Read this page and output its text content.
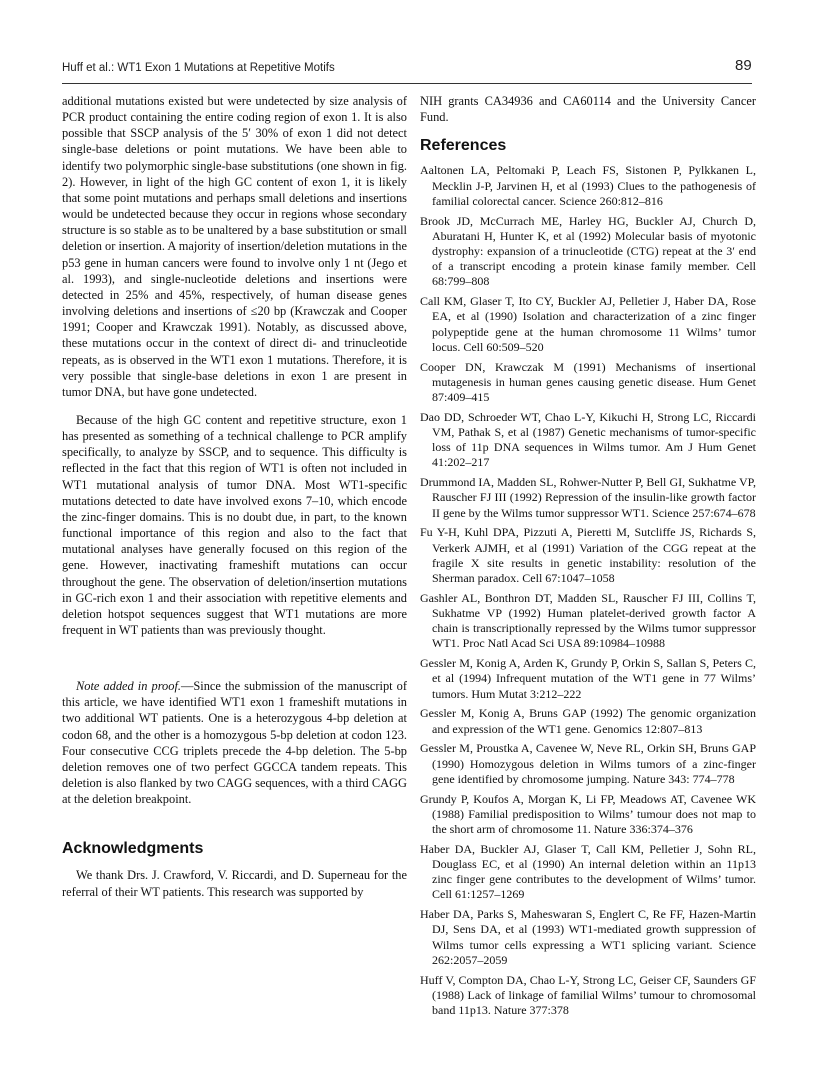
Huff et al.: WT1 Exon 1 Mutations at Repetitive Motifs	89

additional mutations existed but were undetected by size analysis of PCR product containing the entire coding region of exon 1. It is also possible that SSCP analysis of the 5′ 30% of exon 1 did not detect single-base deletions or point mutations. We have been able to identify two polymorphic single-base substitutions (one shown in fig. 2). However, in light of the high GC content of exon 1, it is likely that some point mutations and perhaps small deletions and insertions would be undetected because they occur in regions whose secondary structure is so stable as to be unaltered by a base substitution or small deletion or insertion. A majority of insertion/deletion mutations in the p53 gene in human cancers were found to involve only 1 nt (Jego et al. 1993), and single-nucleotide deletions and insertions were detected in 25% and 45%, respectively, of human disease genes involving deletions and insertions of ≤20 bp (Krawczak and Cooper 1991; Cooper and Krawczak 1991). Notably, as discussed above, these mutations occur in the context of direct di- and trinucleotide repeats, as is observed in the WT1 exon 1 mutations. Therefore, it is very possible that single-base deletions in exon 1 are present in tumor DNA, but have gone undetected.

Because of the high GC content and repetitive structure, exon 1 has presented as something of a technical challenge to PCR amplify specifically, to analyze by SSCP, and to sequence. This difficulty is reflected in the fact that this region of WT1 is often not included in WT1 mutational analysis of tumor DNA. Most WT1-specific mutations detected to date have involved exons 7–10, which encode the zinc-finger domains. This is no doubt due, in part, to the known functional importance of this region and also to the fact that mutational analyses have generally focused on this region of the gene. However, inactivating frameshift mutations can occur throughout the gene. The observation of deletion/insertion mutations in GC-rich exon 1 and their association with repetitive elements and deletion hotspot sequences suggest that WT1 mutations are more frequent in WT patients than was previously thought.

Note added in proof.—Since the submission of the manuscript of this article, we have identified WT1 exon 1 frameshift mutations in two additional WT patients. One is a heterozygous 4-bp deletion at codon 68, and the other is a homozygous 5-bp deletion at codon 123. Four consecutive CCG triplets precede the 4-bp deletion. The 5-bp deletion removes one of two perfect GGCCA tandem repeats. This deletion is also flanked by two CAGG sequences, with a third CAGG at the deletion breakpoint.

Acknowledgments

We thank Drs. J. Crawford, V. Riccardi, and D. Superneau for the referral of their WT patients. This research was supported by

NIH grants CA34936 and CA60114 and the University Cancer Fund.

References
Aaltonen LA, Peltomaki P, Leach FS, Sistonen P, Pylkkanen L, Mecklin J-P, Jarvinen H, et al (1993) Clues to the pathogenesis of familial colorectal cancer. Science 260:812–816
Brook JD, McCurrach ME, Harley HG, Buckler AJ, Church D, Aburatani H, Hunter K, et al (1992) Molecular basis of myotonic dystrophy: expansion of a trinucleotide (CTG) repeat at the 3′ end of a transcript encoding a protein kinase family member. Cell 68:799–808
Call KM, Glaser T, Ito CY, Buckler AJ, Pelletier J, Haber DA, Rose EA, et al (1990) Isolation and characterization of a zinc finger polypeptide gene at the human chromosome 11 Wilms’ tumor locus. Cell 60:509–520
Cooper DN, Krawczak M (1991) Mechanisms of insertional mutagenesis in human genes causing genetic disease. Hum Genet 87:409–415
Dao DD, Schroeder WT, Chao L-Y, Kikuchi H, Strong LC, Riccardi VM, Pathak S, et al (1987) Genetic mechanisms of tumor-specific loss of 11p DNA sequences in Wilms tumor. Am J Hum Genet 41:202–217
Drummond IA, Madden SL, Rohwer-Nutter P, Bell GI, Sukhatme VP, Rauscher FJ III (1992) Repression of the insulin-like growth factor II gene by the Wilms tumor suppressor WT1. Science 257:674–678
Fu Y-H, Kuhl DPA, Pizzuti A, Pieretti M, Sutcliffe JS, Richards S, Verkerk AJMH, et al (1991) Variation of the CGG repeat at the fragile X site results in genetic instability: resolution of the Sherman paradox. Cell 67:1047–1058
Gashler AL, Bonthron DT, Madden SL, Rauscher FJ III, Collins T, Sukhatme VP (1992) Human platelet-derived growth factor A chain is transcriptionally repressed by the Wilms tumor suppressor WT1. Proc Natl Acad Sci USA 89:10984–10988
Gessler M, Konig A, Arden K, Grundy P, Orkin S, Sallan S, Peters C, et al (1994) Infrequent mutation of the WT1 gene in 77 Wilms’ tumors. Hum Mutat 3:212–222
Gessler M, Konig A, Bruns GAP (1992) The genomic organization and expression of the WT1 gene. Genomics 12:807–813
Gessler M, Proustka A, Cavenee W, Neve RL, Orkin SH, Bruns GAP (1990) Homozygous deletion in Wilms tumors of a zinc-finger gene identified by chromosome jumping. Nature 343: 774–778
Grundy P, Koufos A, Morgan K, Li FP, Meadows AT, Cavenee WK (1988) Familial predisposition to Wilms’ tumour does not map to the short arm of chromosome 11. Nature 336:374–376
Haber DA, Buckler AJ, Glaser T, Call KM, Pelletier J, Sohn RL, Douglass EC, et al (1990) An internal deletion within an 11p13 zinc finger gene contributes to the development of Wilms’ tumor. Cell 61:1257–1269
Haber DA, Parks S, Maheswaran S, Englert C, Re FF, Hazen-Martin DJ, Sens DA, et al (1993) WT1-mediated growth suppression of Wilms tumor cells expressing a WT1 splicing variant. Science 262:2057–2059
Huff V, Compton DA, Chao L-Y, Strong LC, Geiser CF, Saunders GF (1988) Lack of linkage of familial Wilms’ tumour to chromosomal band 11p13. Nature 377:378
